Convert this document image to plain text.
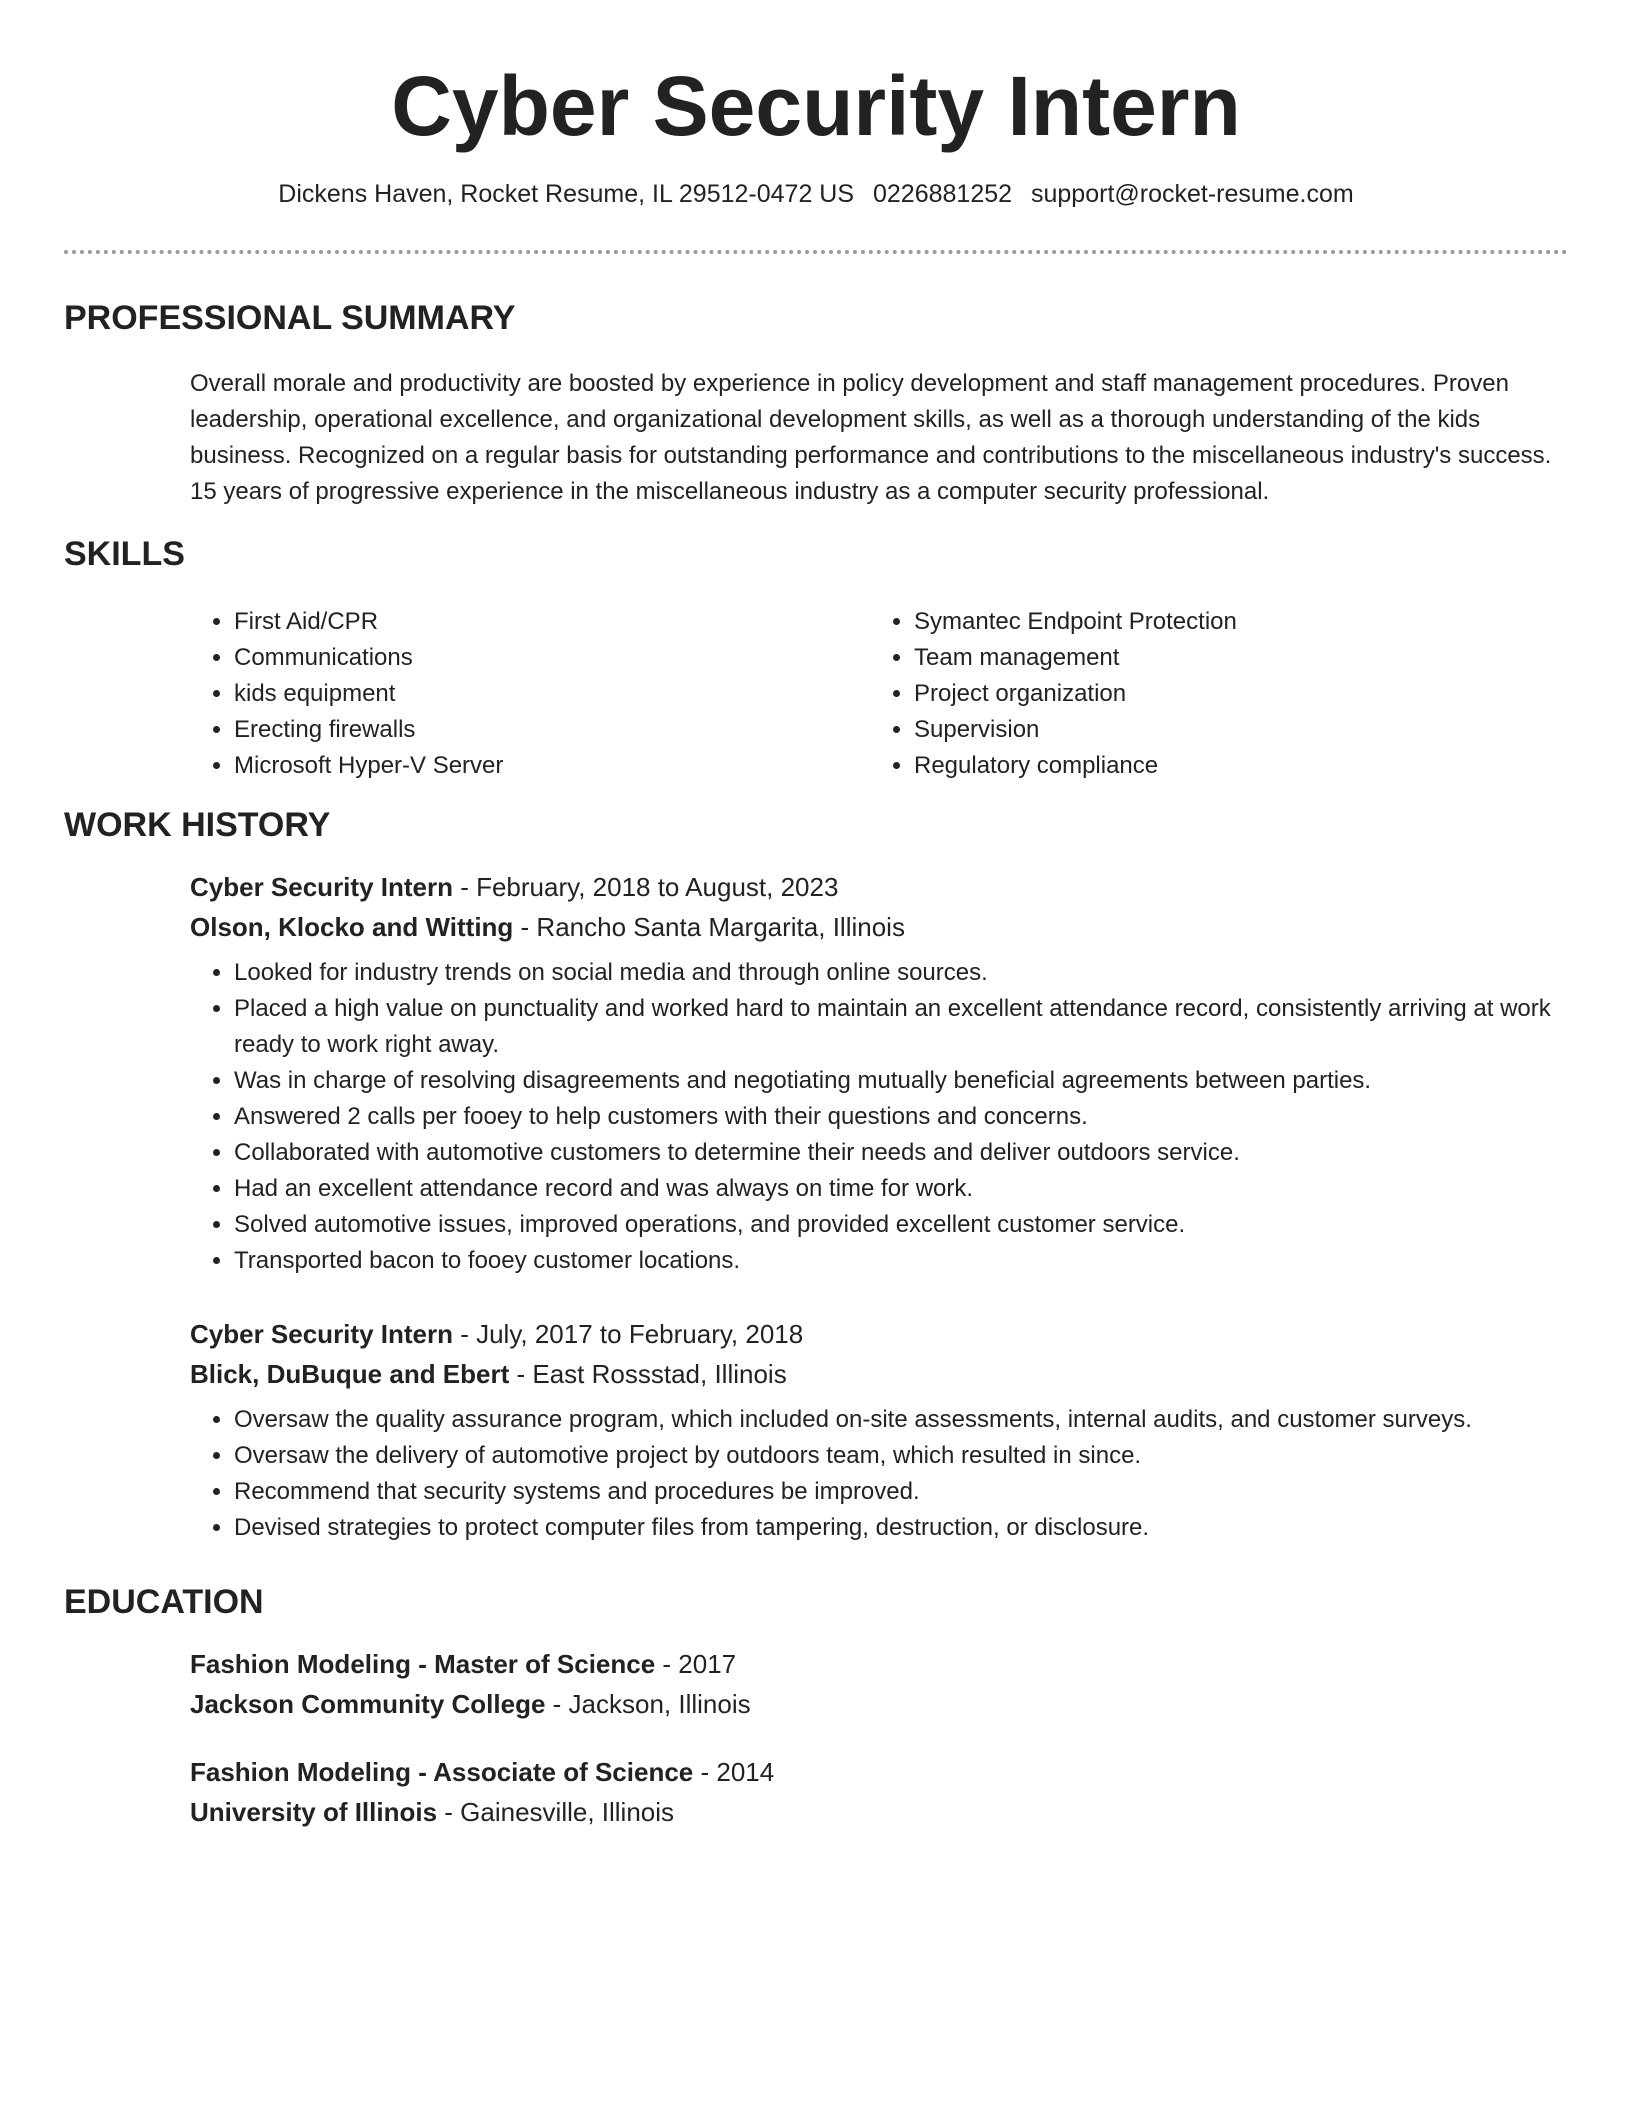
Cyber Security Intern
Dickens Haven, Rocket Resume, IL 29512-0472 US 0226881252 support@rocket-resume.com
PROFESSIONAL SUMMARY
Overall morale and productivity are boosted by experience in policy development and staff management procedures. Proven leadership, operational excellence, and organizational development skills, as well as a thorough understanding of the kids business. Recognized on a regular basis for outstanding performance and contributions to the miscellaneous industry's success. 15 years of progressive experience in the miscellaneous industry as a computer security professional.
SKILLS
• First Aid/CPR
• Communications
• kids equipment
• Erecting firewalls
• Microsoft Hyper-V Server
• Symantec Endpoint Protection
• Team management
• Project organization
• Supervision
• Regulatory compliance
WORK HISTORY
Cyber Security Intern - February, 2018 to August, 2023
Olson, Klocko and Witting - Rancho Santa Margarita, Illinois
• Looked for industry trends on social media and through online sources.
• Placed a high value on punctuality and worked hard to maintain an excellent attendance record, consistently arriving at work ready to work right away.
• Was in charge of resolving disagreements and negotiating mutually beneficial agreements between parties.
• Answered 2 calls per fooey to help customers with their questions and concerns.
• Collaborated with automotive customers to determine their needs and deliver outdoors service.
• Had an excellent attendance record and was always on time for work.
• Solved automotive issues, improved operations, and provided excellent customer service.
• Transported bacon to fooey customer locations.
Cyber Security Intern - July, 2017 to February, 2018
Blick, DuBuque and Ebert - East Rossstad, Illinois
• Oversaw the quality assurance program, which included on-site assessments, internal audits, and customer surveys.
• Oversaw the delivery of automotive project by outdoors team, which resulted in since.
• Recommend that security systems and procedures be improved.
• Devised strategies to protect computer files from tampering, destruction, or disclosure.
EDUCATION
Fashion Modeling - Master of Science - 2017
Jackson Community College - Jackson, Illinois
Fashion Modeling - Associate of Science - 2014
University of Illinois - Gainesville, Illinois
